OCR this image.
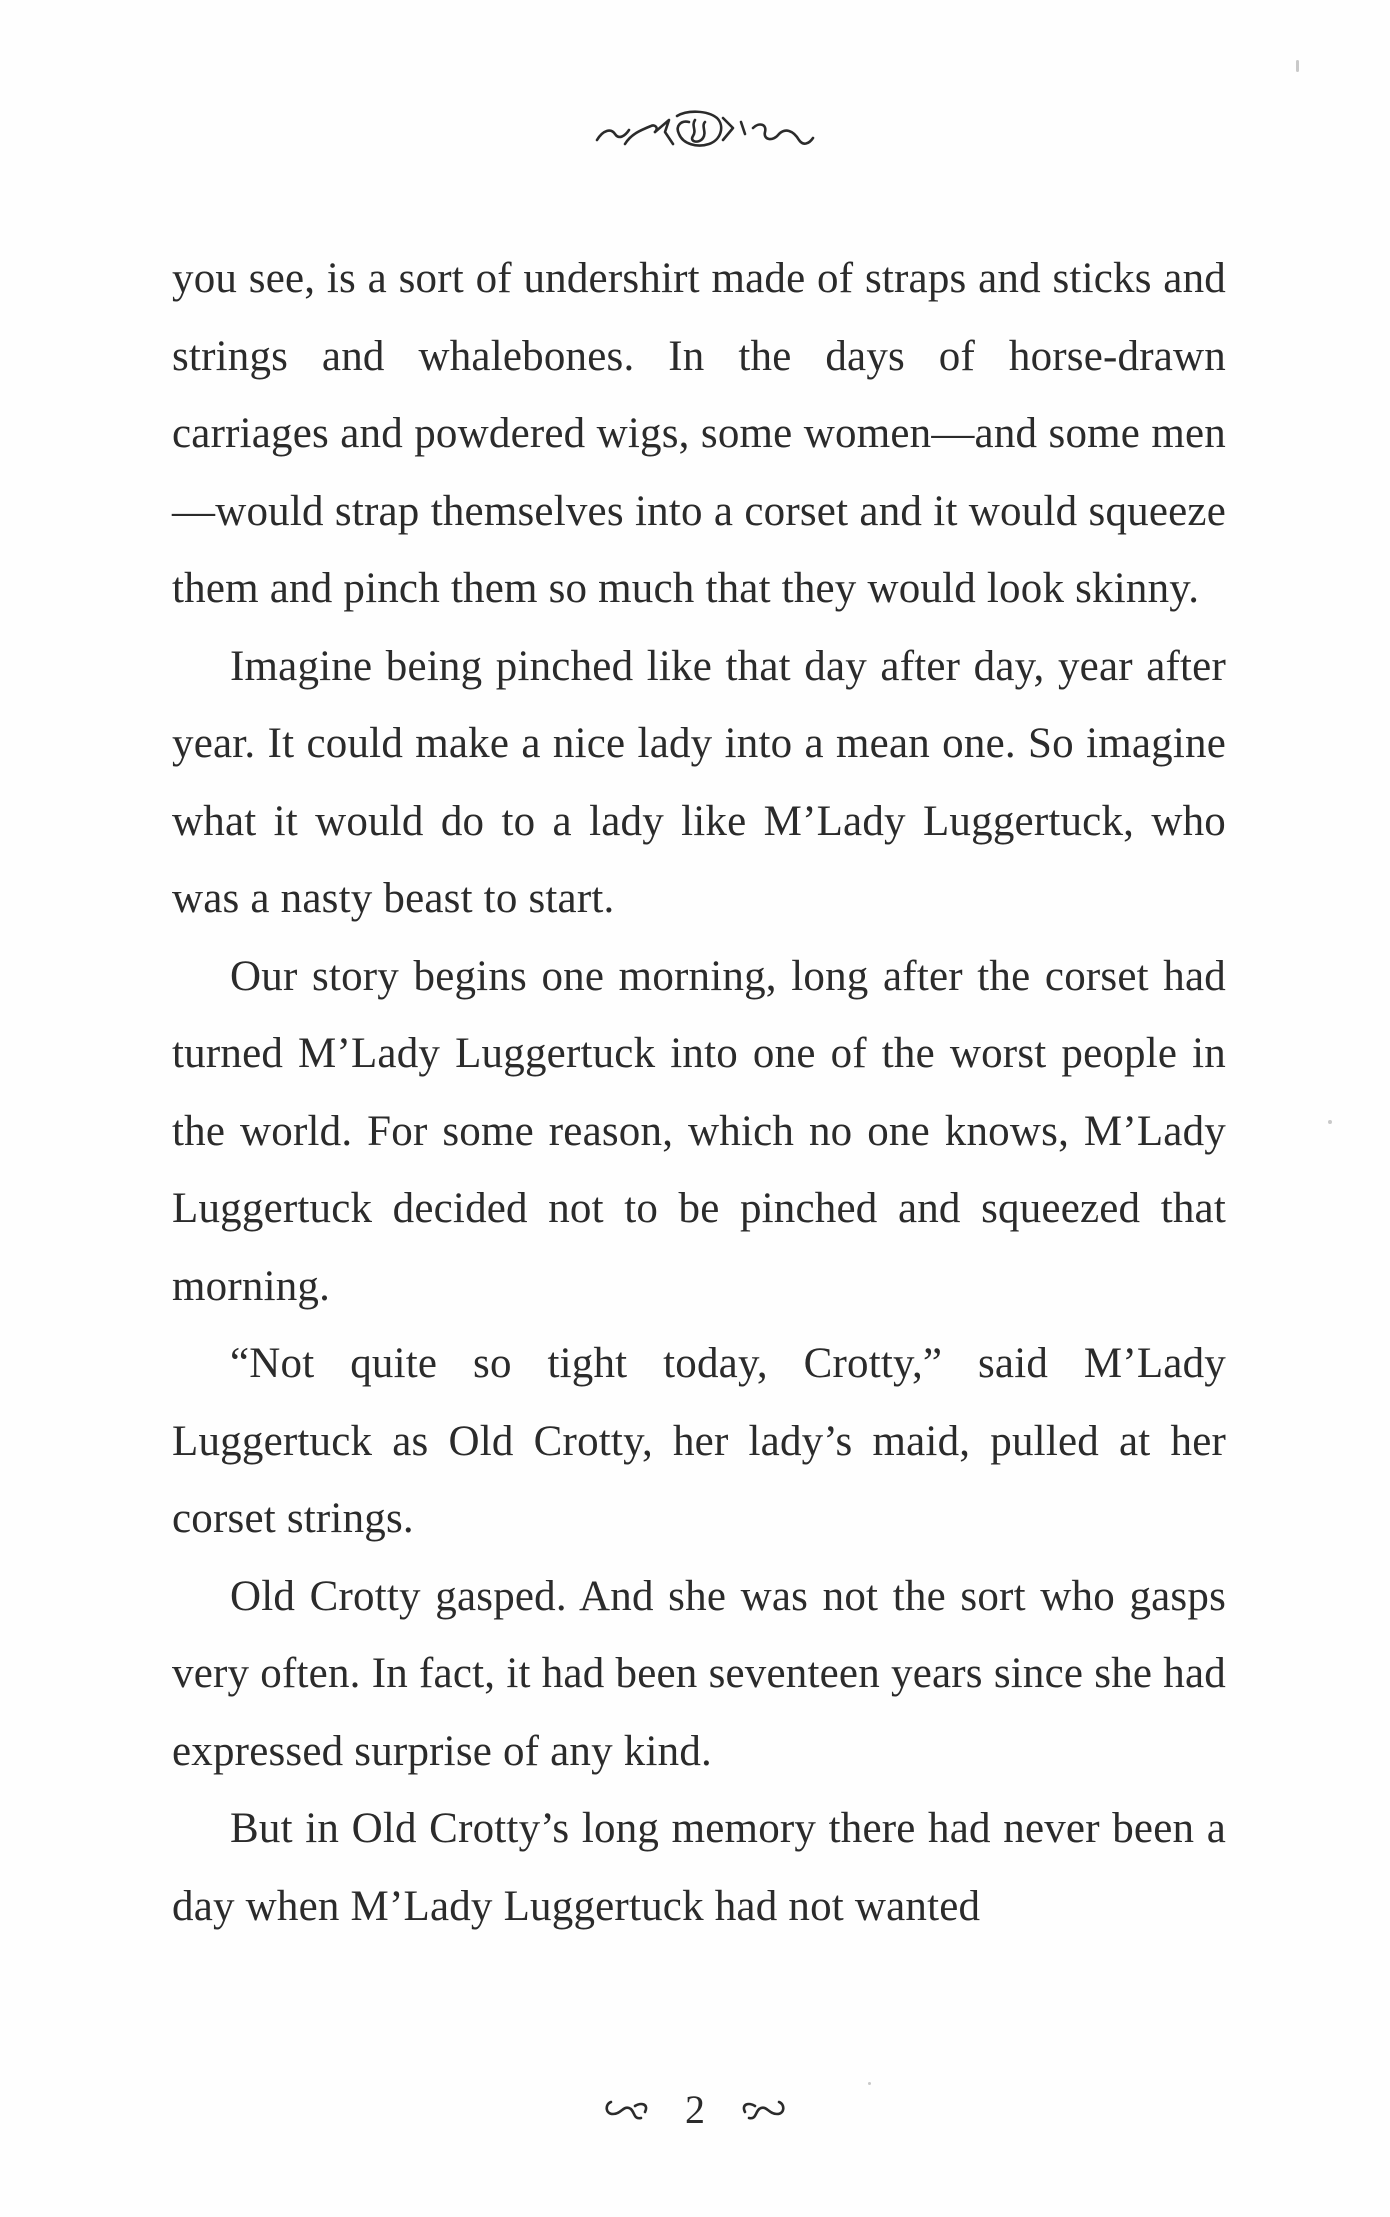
you see, is a sort of undershirt made of straps and sticks and strings and whalebones. In the days of horse-drawn carriages and powdered wigs, some women—and some men—would strap themselves into a corset and it would squeeze them and pinch them so much that they would look skinny.

Imagine being pinched like that day after day, year after year. It could make a nice lady into a mean one. So imagine what it would do to a lady like M’Lady Luggertuck, who was a nasty beast to start.

Our story begins one morning, long after the corset had turned M’Lady Luggertuck into one of the worst people in the world. For some reason, which no one knows, M’Lady Luggertuck decided not to be pinched and squeezed that morning.

“Not quite so tight today, Crotty,” said M’Lady Luggertuck as Old Crotty, her lady’s maid, pulled at her corset strings.

Old Crotty gasped. And she was not the sort who gasps very often. In fact, it had been seventeen years since she had expressed surprise of any kind.

But in Old Crotty’s long memory there had never been a day when M’Lady Luggertuck had not wanted

2
